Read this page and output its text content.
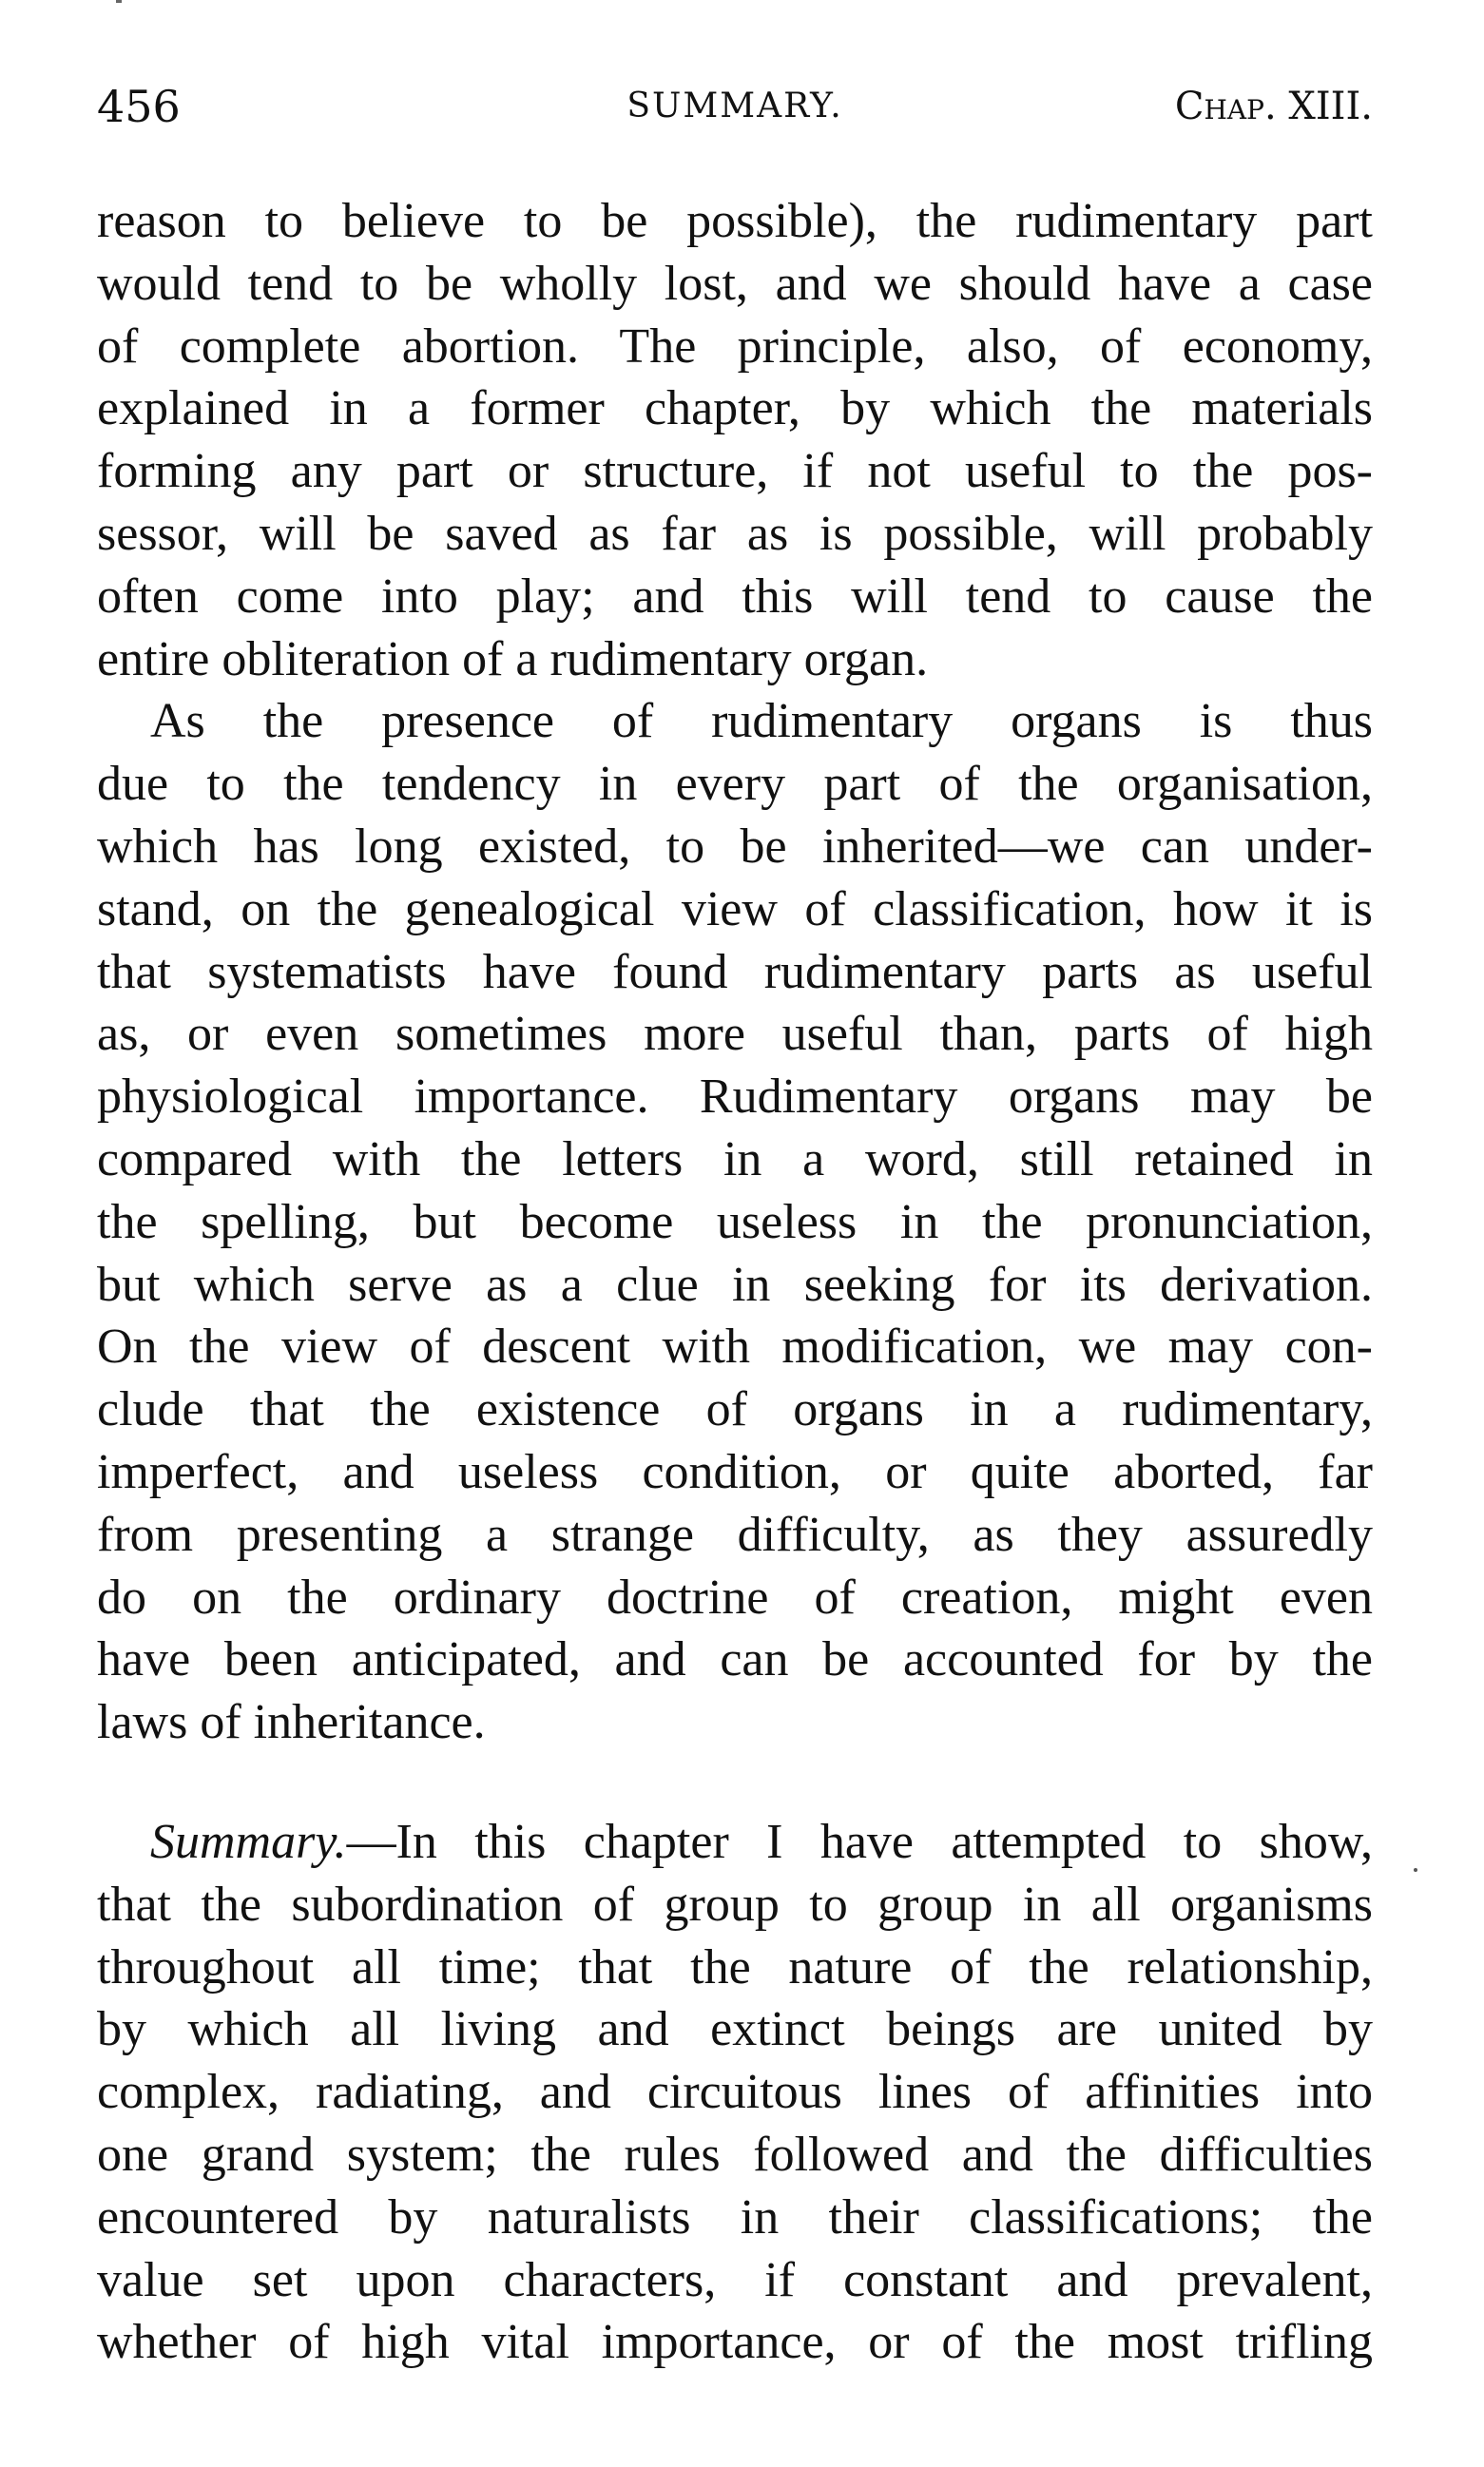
456	SUMMARY.	Chap. XIII.
reason to believe to be possible), the rudimentary part
would tend to be wholly lost, and we should have a case
of complete abortion. The principle, also, of economy,
explained in a former chapter, by which the materials
forming any part or structure, if not useful to the pos-
sessor, will be saved as far as is possible, will probably
often come into play; and this will tend to cause the
entire obliteration of a rudimentary organ.
As the presence of rudimentary organs is thus
due to the tendency in every part of the organisation,
which has long existed, to be inherited—we can under-
stand, on the genealogical view of classification, how it is
that systematists have found rudimentary parts as useful
as, or even sometimes more useful than, parts of high
physiological importance. Rudimentary organs may be
compared with the letters in a word, still retained in
the spelling, but become useless in the pronunciation,
but which serve as a clue in seeking for its derivation.
On the view of descent with modification, we may con-
clude that the existence of organs in a rudimentary,
imperfect, and useless condition, or quite aborted, far
from presenting a strange difficulty, as they assuredly
do on the ordinary doctrine of creation, might even
have been anticipated, and can be accounted for by the
laws of inheritance.
Summary.—In this chapter I have attempted to show,
that the subordination of group to group in all organisms
throughout all time; that the nature of the relationship,
by which all living and extinct beings are united by
complex, radiating, and circuitous lines of affinities into
one grand system; the rules followed and the difficulties
encountered by naturalists in their classifications; the
value set upon characters, if constant and prevalent,
whether of high vital importance, or of the most trifling
